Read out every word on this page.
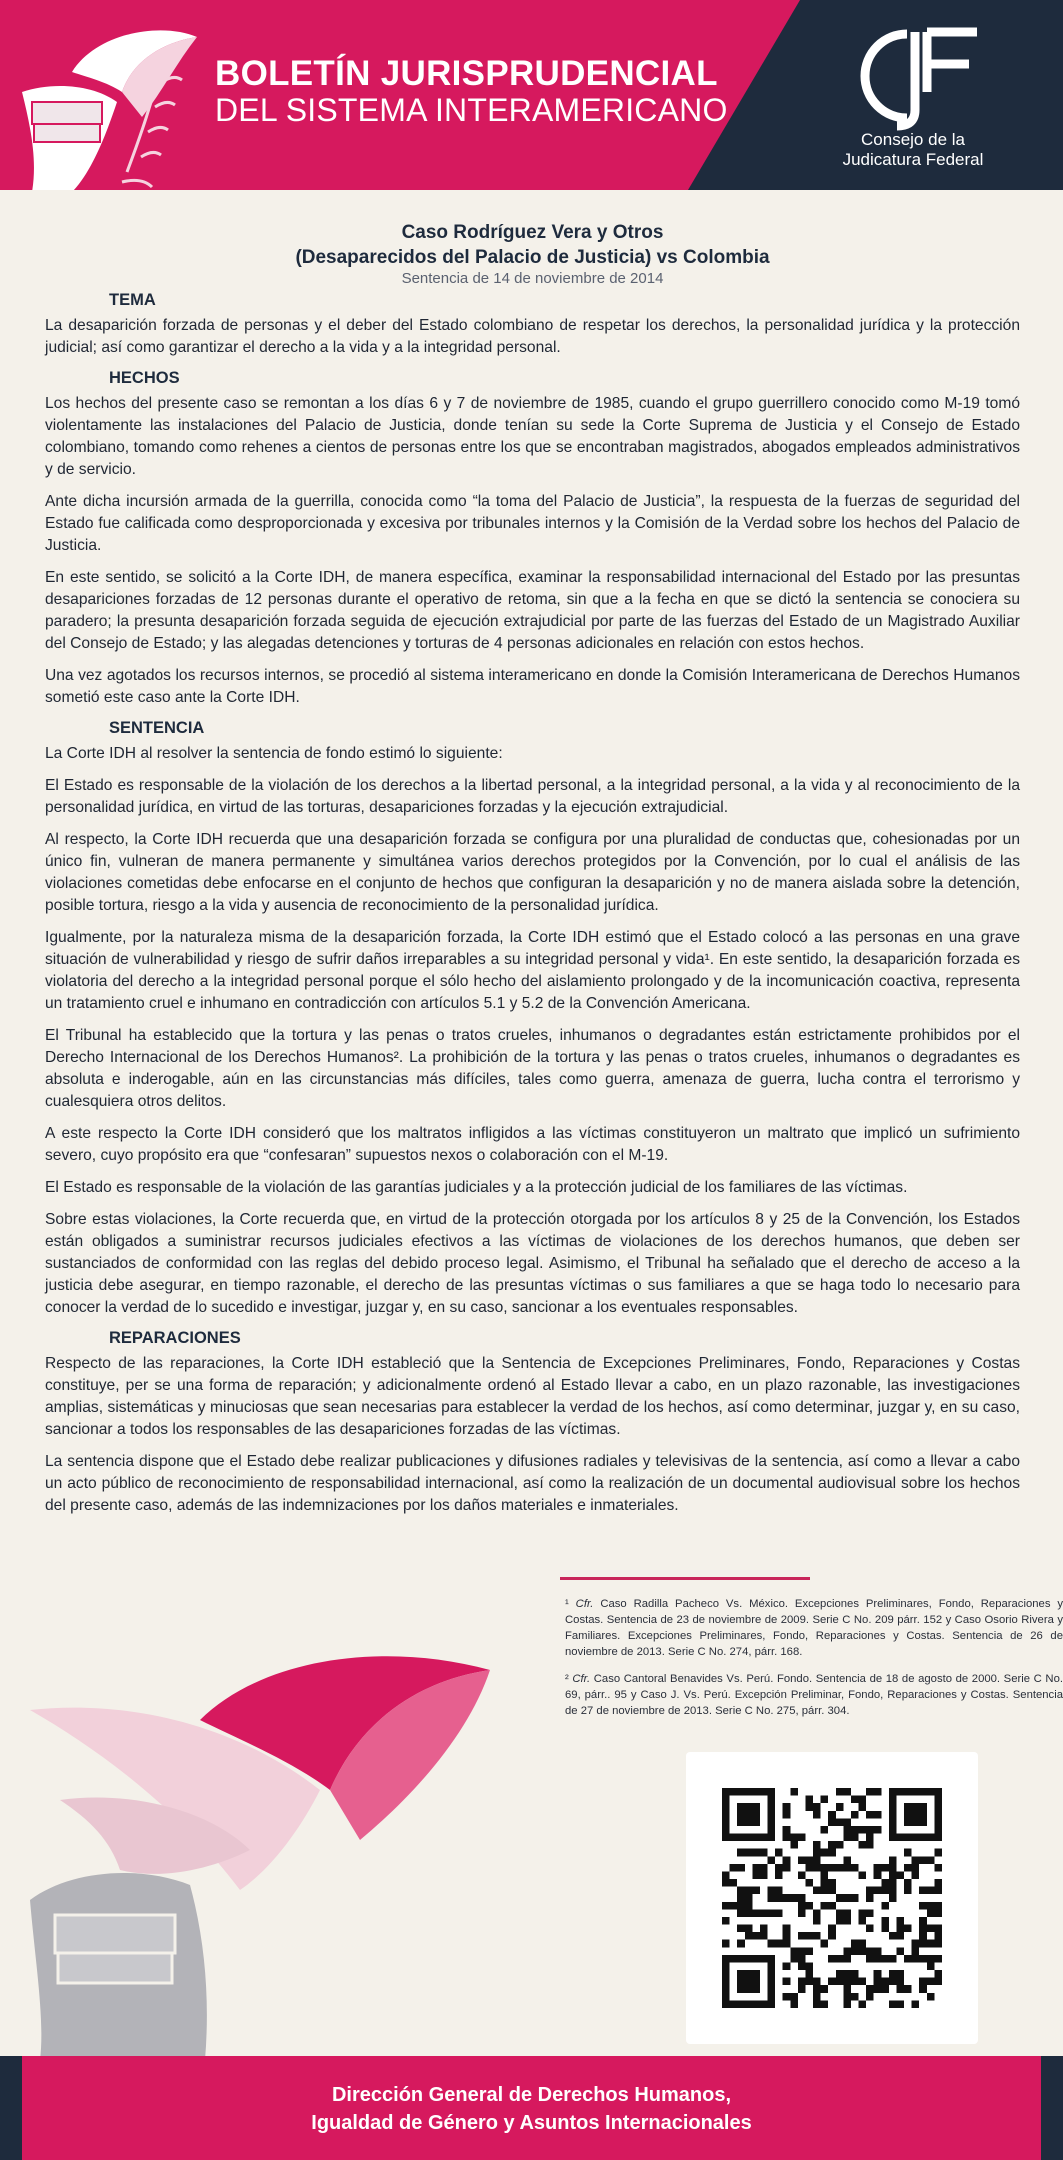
BOLETÍN JURISPRUDENCIAL
DEL SISTEMA INTERAMERICANO
Consejo de la
Judicatura Federal
Caso Rodríguez Vera y Otros
(Desaparecidos del Palacio de Justicia) vs Colombia
Sentencia de 14 de noviembre de 2014
TEMA

La desaparición forzada de personas y el deber del Estado colombiano de respetar los derechos, la personalidad jurídica y la protección judicial; así como garantizar el derecho a la vida y a la integridad personal.

HECHOS

Los hechos del presente caso se remontan a los días 6 y 7 de noviembre de 1985, cuando el grupo guerrillero conocido como M-19 tomó violentamente las instalaciones del Palacio de Justicia, donde tenían su sede la Corte Suprema de Justicia y el Consejo de Estado colombiano, tomando como rehenes a cientos de personas entre los que se encontraban magistrados, abogados empleados administrativos y de servicio.

Ante dicha incursión armada de la guerrilla, conocida como “la toma del Palacio de Justicia”, la respuesta de la fuerzas de seguridad del Estado fue calificada como desproporcionada y excesiva por tribunales internos y la Comisión de la Verdad sobre los hechos del Palacio de Justicia.

En este sentido, se solicitó a la Corte IDH, de manera específica, examinar la responsabilidad internacional del Estado por las presuntas desapariciones forzadas de 12 personas durante el operativo de retoma, sin que a la fecha en que se dictó la sentencia se conociera su paradero; la presunta desaparición forzada seguida de ejecución extrajudicial por parte de las fuerzas del Estado de un Magistrado Auxiliar del Consejo de Estado; y las alegadas detenciones y torturas de 4 personas adicionales en relación con estos hechos.

Una vez agotados los recursos internos, se procedió al sistema interamericano en donde la Comisión Interamericana de Derechos Humanos sometió este caso ante la Corte IDH.

SENTENCIA

La Corte IDH al resolver la sentencia de fondo estimó lo siguiente:

El Estado es responsable de la violación de los derechos a la libertad personal, a la integridad personal, a la vida y al reconocimiento de la personalidad jurídica, en virtud de las torturas, desapariciones forzadas y la ejecución extrajudicial.

Al respecto, la Corte IDH recuerda que una desaparición forzada se configura por una pluralidad de conductas que, cohesionadas por un único fin, vulneran de manera permanente y simultánea varios derechos protegidos por la Convención, por lo cual el análisis de las violaciones cometidas debe enfocarse en el conjunto de hechos que configuran la desaparición y no de manera aislada sobre la detención, posible tortura, riesgo a la vida y ausencia de reconocimiento de la personalidad jurídica.

Igualmente, por la naturaleza misma de la desaparición forzada, la Corte IDH estimó que el Estado colocó a las personas en una grave situación de vulnerabilidad y riesgo de sufrir daños irreparables a su integridad personal y vida¹. En este sentido, la desaparición forzada es violatoria del derecho a la integridad personal porque el sólo hecho del aislamiento prolongado y de la incomunicación coactiva, representa un tratamiento cruel e inhumano en contradicción con artículos 5.1 y 5.2 de la Convención Americana.

El Tribunal ha establecido que la tortura y las penas o tratos crueles, inhumanos o degradantes están estrictamente prohibidos por el Derecho Internacional de los Derechos Humanos². La prohibición de la tortura y las penas o tratos crueles, inhumanos o degradantes es absoluta e inderogable, aún en las circunstancias más difíciles, tales como guerra, amenaza de guerra, lucha contra el terrorismo y cualesquiera otros delitos.

A este respecto la Corte IDH consideró que los maltratos infligidos a las víctimas constituyeron un maltrato que implicó un sufrimiento severo, cuyo propósito era que “confesaran” supuestos nexos o colaboración con el M-19.

El Estado es responsable de la violación de las garantías judiciales y a la protección judicial de los familiares de las víctimas.

Sobre estas violaciones, la Corte recuerda que, en virtud de la protección otorgada por los artículos 8 y 25 de la Convención, los Estados están obligados a suministrar recursos judiciales efectivos a las víctimas de violaciones de los derechos humanos, que deben ser sustanciados de conformidad con las reglas del debido proceso legal. Asimismo, el Tribunal ha señalado que el derecho de acceso a la justicia debe asegurar, en tiempo razonable, el derecho de las presuntas víctimas o sus familiares a que se haga todo lo necesario para conocer la verdad de lo sucedido e investigar, juzgar y, en su caso, sancionar a los eventuales responsables.

REPARACIONES

Respecto de las reparaciones, la Corte IDH estableció que la Sentencia de Excepciones Preliminares, Fondo, Reparaciones y Costas constituye, per se una forma de reparación; y adicionalmente ordenó al Estado llevar a cabo, en un plazo razonable, las investigaciones amplias, sistemáticas y minuciosas que sean necesarias para establecer la verdad de los hechos, así como determinar, juzgar y, en su caso, sancionar a todos los responsables de las desapariciones forzadas de las víctimas.

La sentencia dispone que el Estado debe realizar publicaciones y difusiones radiales y televisivas de la sentencia, así como a llevar a cabo un acto público de reconocimiento de responsabilidad internacional, así como la realización de un documental audiovisual sobre los hechos del presente caso, además de las indemnizaciones por los daños materiales e inmateriales.

¹ Cfr. Caso Radilla Pacheco Vs. México. Excepciones Preliminares, Fondo, Reparaciones y Costas. Sentencia de 23 de noviembre de 2009. Serie C No. 209 párr. 152 y Caso Osorio Rivera y Familiares. Excepciones Preliminares, Fondo, Reparaciones y Costas. Sentencia de 26 de noviembre de 2013. Serie C No. 274, párr. 168.
² Cfr. Caso Cantoral Benavides Vs. Perú. Fondo. Sentencia de 18 de agosto de 2000. Serie C No. 69, párr.. 95 y Caso J. Vs. Perú. Excepción Preliminar, Fondo, Reparaciones y Costas. Sentencia de 27 de noviembre de 2013. Serie C No. 275, párr. 304.
Dirección General de Derechos Humanos,
Igualdad de Género y Asuntos Internacionales
